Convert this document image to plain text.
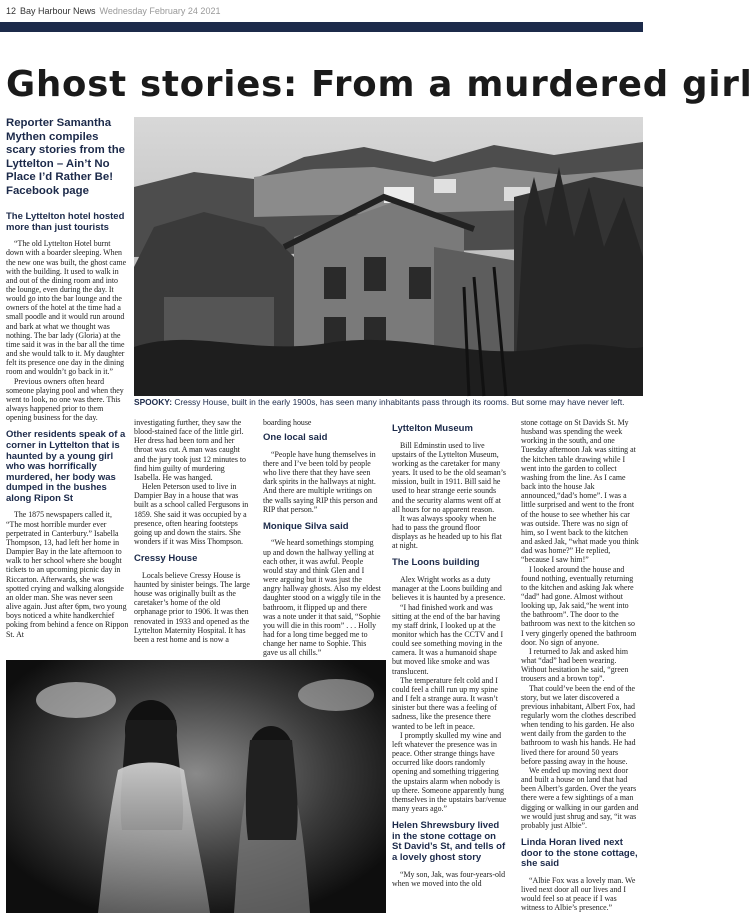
12 Bay Harbour News Wednesday February 24 2021
Ghost stories: From a murdered girl
Reporter Samantha Mythen compiles scary stories from the Lyttelton – Ain’t No Place I’d Rather Be! Facebook page
SPOOKY: Cressy House, built in the early 1900s, has seen many inhabitants pass through its rooms. But some may have never left.
The Lyttelton hotel hosted more than just tourists

“The old Lyttelton Hotel burnt down with a boarder sleeping. When the new one was built, the ghost came with the building. It used to walk in and out of the dining room and into the lounge, even during the day. It would go into the bar lounge and the owners of the hotel at the time had a small poodle and it would run around and bark at what we thought was nothing. The bar lady (Gloria) at the time said it was in the bar all the time and she would talk to it. My daughter felt its presence one day in the dining room and wouldn’t go back in it.”

Previous owners often heard someone playing pool and when they went to look, no one was there. This always happened prior to them opening business for the day.

Other residents speak of a corner in Lyttelton that is haunted by a young girl who was horrifically murdered, her body was dumped in the bushes along Ripon St

The 1875 newspapers called it, “The most horrible murder ever perpetrated in Canterbury.” Isabella Thompson, 13, had left her home in Dampier Bay in the late afternoon to walk to her school where she bought tickets to an upcoming picnic day in Riccarton. Afterwards, she was spotted crying and walking alongside an older man. She was never seen alive again. Just after 6pm, two young boys noticed a white handkerchief poking from behind a fence on Rippon St. At

investigating further, they saw the blood-stained face of the little girl. Her dress had been torn and her throat was cut. A man was caught and the jury took just 12 minutes to find him guilty of murdering Isabella. He was hanged.

Helen Peterson used to live in Dampier Bay in a house that was built as a school called Fergusons in 1859. She said it was occupied by a presence, often hearing footsteps going up and down the stairs. She wonders if it was Miss Thompson.

Cressy House

Locals believe Cressy House is haunted by sinister beings. The large house was originally built as the caretaker’s home of the old orphanage prior to 1906. It was then renovated in 1933 and opened as the Lyttelton Maternity Hospital. It has been a rest home and is now a

boarding house

One local said

“People have hung themselves in there and I’ve been told by people who live there that they have seen dark spirits in the hallways at night. And there are multiple writings on the walls saying RIP this person and RIP that person.”

Monique Silva said

“We heard somethings stomping up and down the hallway yelling at each other, it was awful. People would stay and think Glen and I were arguing but it was just the angry hallway ghosts. Also my eldest daughter stood on a wiggly tile in the bathroom, it flipped up and there was a note under it that said, “Sophie you will die in this room” . . . Holly had for a long time begged me to change her name to Sophie. This gave us all chills.”

Lyttelton Museum

Bill Edminstin used to live upstairs of the Lyttelton Museum, working as the caretaker for many years. It used to be the old seaman’s mission, built in 1911. Bill said he used to hear strange eerie sounds and the security alarms went off at all hours for no apparent reason.

It was always spooky when he had to pass the ground floor displays as he headed up to his flat at night.

The Loons building

Alex Wright works as a duty manager at the Loons building and believes it is haunted by a presence.

“I had finished work and was sitting at the end of the bar having my staff drink, I looked up at the monitor which has the CCTV and I could see something moving in the camera. It was a humanoid shape but moved like smoke and was translucent.

The temperature felt cold and I could feel a chill run up my spine and I felt a strange aura. It wasn’t sinister but there was a feeling of sadness, like the presence there wanted to be left in peace.

I promptly skulled my wine and left whatever the presence was in peace. Other strange things have occurred like doors randomly opening and something triggering the upstairs alarm when nobody is up there. Someone apparently hung themselves in the upstairs bar/venue many years ago.”

Helen Shrewsbury lived in the stone cottage on St David’s St, and tells of a lovely ghost story

“My son, Jak, was four-years-old when we moved into the old

stone cottage on St Davids St. My husband was spending the week working in the south, and one Tuesday afternoon Jak was sitting at the kitchen table drawing while I went into the garden to collect washing from the line. As I came back into the house Jak announced,“dad’s home”. I was a little surprised and went to the front of the house to see whether his car was outside. There was no sign of him, so I went back to the kitchen and asked Jak, “what made you think dad was home?” He replied, “because I saw him!”

I looked around the house and found nothing, eventually returning to the kitchen and asking Jak where “dad” had gone. Almost without looking up, Jak said,“he went into the bathroom”. The door to the bathroom was next to the kitchen so I very gingerly opened the bathroom door. No sign of anyone.

I returned to Jak and asked him what “dad” had been wearing. Without hesitation he said, “green trousers and a brown top”.

That could’ve been the end of the story, but we later discovered a previous inhabitant, Albert Fox, had regularly worn the clothes described when tending to his garden. He also went daily from the garden to the bathroom to wash his hands. He had lived there for around 50 years before passing away in the house.

We ended up moving next door and built a house on land that had been Albert’s garden. Over the years there were a few sightings of a man digging or walking in our garden and we would just shrug and say, “it was probably just Albie”.

Linda Horan lived next door to the stone cottage, she said

“Albie Fox was a lovely man. We lived next door all our lives and I would feel so at peace if I was witness to Albie’s presence.”
